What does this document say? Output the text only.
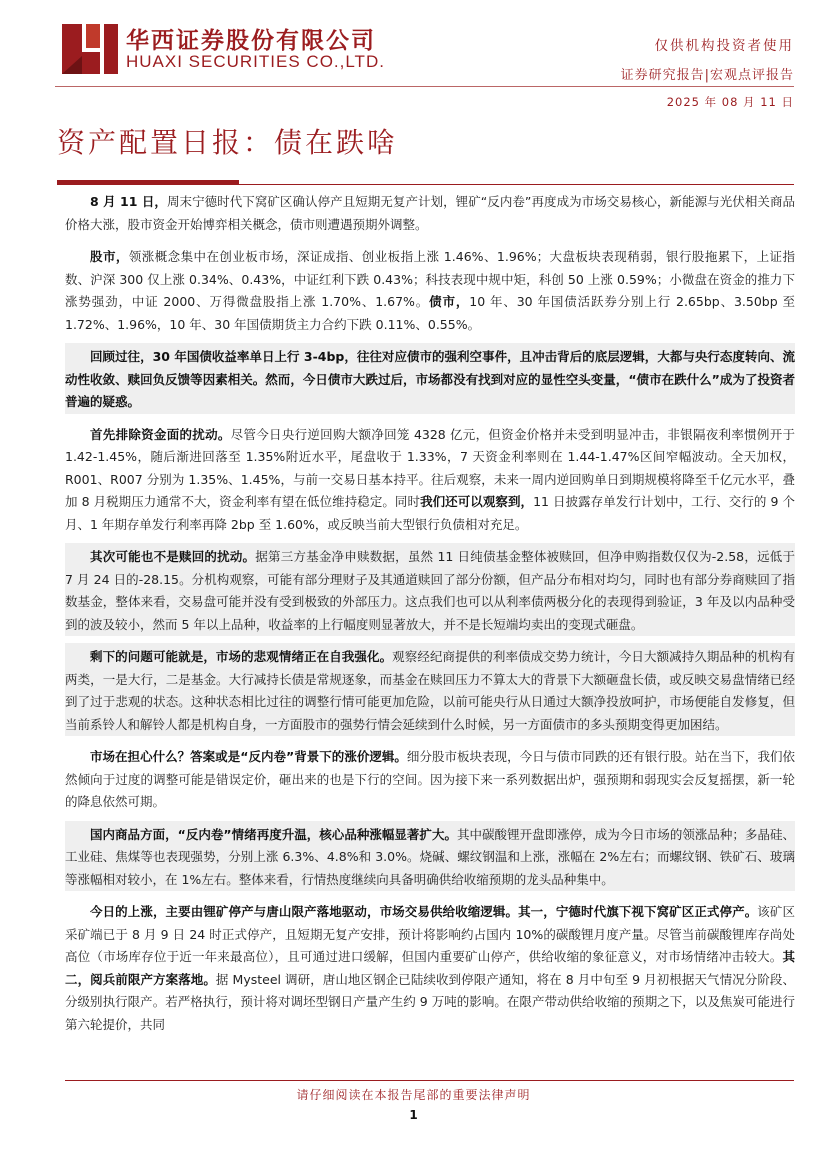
华西证券股份有限公司
HUAXI SECURITIES CO.,LTD.
仅供机构投资者使用
证券研究报告|宏观点评报告
2025 年 08 月 11 日
资产配置日报：债在跌啥

8 月 11 日，周末宁德时代下窝矿区确认停产且短期无复产计划，锂矿“反内卷”再度成为市场交易核心，新能源与光伏相关商品价格大涨，股市资金开始博弈相关概念，债市则遭遇预期外调整。

股市，领涨概念集中在创业板市场，深证成指、创业板指上涨 1.46%、1.96%；大盘板块表现稍弱，银行股拖累下，上证指数、沪深 300 仅上涨 0.34%、0.43%，中证红利下跌 0.43%；科技表现中规中矩，科创 50 上涨 0.59%；小微盘在资金的推力下涨势强劲，中证 2000、万得微盘股指上涨 1.70%、1.67%。债市，10 年、30 年国债活跃券分别上行 2.65bp、3.50bp 至 1.72%、1.96%，10 年、30 年国债期货主力合约下跌 0.11%、0.55%。

回顾过往，30 年国债收益率单日上行 3-4bp，往往对应债市的强利空事件，且冲击背后的底层逻辑，大都与央行态度转向、流动性收敛、赎回负反馈等因素相关。然而，今日债市大跌过后，市场都没有找到对应的显性空头变量，“债市在跌什么”成为了投资者普遍的疑惑。

首先排除资金面的扰动。尽管今日央行逆回购大额净回笼 4328 亿元，但资金价格并未受到明显冲击，非银隔夜利率惯例开于 1.42-1.45%，随后渐进回落至 1.35%附近水平，尾盘收于 1.33%，7 天资金利率则在 1.44-1.47%区间窄幅波动。全天加权，R001、R007 分别为 1.35%、1.45%，与前一交易日基本持平。往后观察，未来一周内逆回购单日到期规模将降至千亿元水平，叠加 8 月税期压力通常不大，资金利率有望在低位维持稳定。同时我们还可以观察到，11 日披露存单发行计划中，工行、交行的 9 个月、1 年期存单发行利率再降 2bp 至 1.60%，或反映当前大型银行负债相对充足。

其次可能也不是赎回的扰动。据第三方基金净申赎数据，虽然 11 日纯债基金整体被赎回，但净申购指数仅仅为-2.58，远低于 7 月 24 日的-28.15。分机构观察，可能有部分理财子及其通道赎回了部分份额，但产品分布相对均匀，同时也有部分券商赎回了指数基金，整体来看，交易盘可能并没有受到极致的外部压力。这点我们也可以从利率债两极分化的表现得到验证，3 年及以内品种受到的波及较小，然而 5 年以上品种，收益率的上行幅度则显著放大，并不是长短端均卖出的变现式砸盘。

剩下的问题可能就是，市场的悲观情绪正在自我强化。观察经纪商提供的利率债成交势力统计，今日大额减持久期品种的机构有两类，一是大行，二是基金。大行减持长债是常规逐象，而基金在赎回压力不算太大的背景下大额砸盘长债，或反映交易盘情绪已经到了过于悲观的状态。这种状态相比过往的调整行情可能更加危险，以前可能央行从日通过大额净投放呵护，市场便能自发修复，但当前系铃人和解铃人都是机构自身，一方面股市的强势行情会延续到什么时候，另一方面债市的多头预期变得更加困结。

市场在担心什么？答案或是“反内卷”背景下的涨价逻辑。细分股市板块表现，今日与债市同跌的还有银行股。站在当下，我们依然倾向于过度的调整可能是错误定价，砸出来的也是下行的空间。因为接下来一系列数据出炉，强预期和弱现实会反复摇摆，新一轮的降息依然可期。

国内商品方面，“反内卷”情绪再度升温，核心品种涨幅显著扩大。其中碳酸锂开盘即涨停，成为今日市场的领涨品种；多晶硅、工业硅、焦煤等也表现强势，分别上涨 6.3%、4.8%和 3.0%。烧碱、螺纹钢温和上涨，涨幅在 2%左右；而螺纹钢、铁矿石、玻璃等涨幅相对较小，在 1%左右。整体来看，行情热度继续向具备明确供给收缩预期的龙头品种集中。

今日的上涨，主要由锂矿停产与唐山限产落地驱动，市场交易供给收缩逻辑。其一，宁德时代旗下视下窝矿区正式停产。该矿区采矿端已于 8 月 9 日 24 时正式停产，且短期无复产安排，预计将影响约占国内 10%的碳酸锂月度产量。尽管当前碳酸锂库存尚处高位（市场库存位于近一年来最高位），且可通过进口缓解，但国内重要矿山停产，供给收缩的象征意义，对市场情绪冲击较大。其二，阅兵前限产方案落地。据 Mysteel 调研，唐山地区钢企已陆续收到停限产通知，将在 8 月中旬至 9 月初根据天气情况分阶段、分级别执行限产。若严格执行，预计将对调坯型钢日产量产生约 9 万吨的影响。在限产带动供给收缩的预期之下，以及焦炭可能进行第六轮提价，共同

请仔细阅读在本报告尾部的重要法律声明
1
